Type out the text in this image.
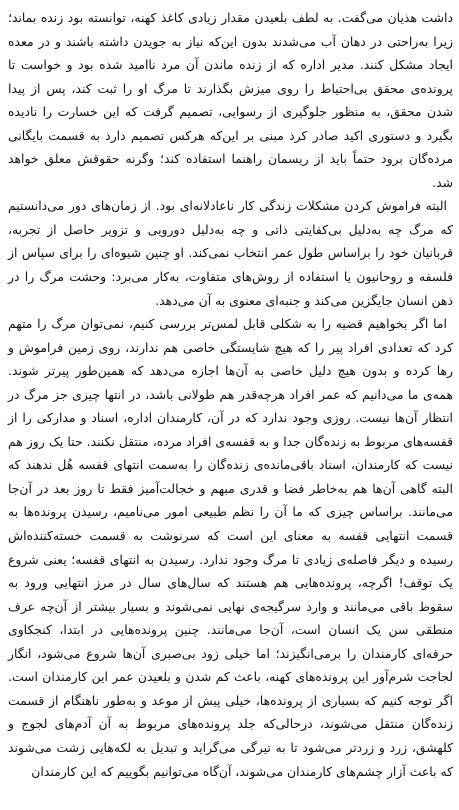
داشت هذیان می‌گفت. به لطف بلعیدن مقدار زیادی کاغذ کهنه، توانسته بود زنده بماند؛ زیرا به‌راحتی در دهان آب می‌شدند بدون این‌که نیاز به جویدن داشته باشند و در معده ایجاد مشکل کنند. مدیر اداره که از زنده ماندن آن مرد ناامید شده بود و خواست تا پرونده‌ی محقق بی‌احتیاط را روی میزش بگذارند تا مرگ او را ثبت کند، پس از پیدا شدن محقق، به منظور جلوگیری از رسوایی، تصمیم گرفت که این خسارت را نادیده بگیرد و دستوری اکید صادر کرد مبنی بر این‌که هرکس تصمیم دارد به قسمت بایگانی مرده‌گان برود حتماً باید از ریسمان راهنما استفاده کند؛ وگرنه حقوقش معلق خواهد شد.

البته فراموش کردن مشکلات زندگی کار ناعادلانه‌ای بود. از زمان‌های دور می‌دانستیم که مرگ چه به‌دلیل بی‌کفایتی ذاتی و چه به‌دلیل دورویی و تزویر حاصل از تجربه، قربانیان خود را براساس طول عمر انتخاب نمی‌کند. او چنین شیوه‌ای را برای سپاس از فلسفه و روحانیون یا استفاده از روش‌های متفاوت، به‌کار می‌برد: وحشت مرگ را در ذهن انسان جایگزین می‌کند و جنبه‌ای معنوی به آن می‌دهد.

اما اگر بخواهیم قضیه را به شکلی قابل لمس‌تر بررسی کنیم، نمی‌توان مرگ را متهم کرد که تعدادی افراد پیر را که هیچ شایستگی خاصی هم ندارند، روی زمین فراموش و رها کرده و بدون هیچ دلیل خاصی به آن‌ها اجازه می‌دهد که همین‌طور پیرتر شوند. همه‌ی ما می‌دانیم که عمر افراد هرچه‌قدر هم طولانی باشد، در انتها چیزی جز مرگ در انتظار آن‌ها نیست. روزی وجود ندارد که در آن، کارمندان اداره، اسناد و مدارکی را از قفسه‌های مربوط به زنده‌گان جدا و به قفسه‌ی افراد مرده، منتقل نکنند. حتا یک روز هم نیست که کارمندان، اسناد باقی‌مانده‌ی زنده‌گان را به‌سمت انتهای قفسه هُل ندهند که البته گاهی آن‌ها هم به‌خاطر فضا و قدری مبهم و خجالت‌آمیز فقط تا روز بعد در آن‌جا می‌مانند. براساس چیزی که ما آن را نظم طبیعی امور می‌نامیم، رسیدن پرونده‌ها به قسمت انتهایی قفسه به معنای این است که سرنوشت به قسمت خسته‌کننده‌اش رسیده و دیگر فاصله‌ی زیادی تا مرگ وجود ندارد. رسیدن به انتهای قفسه؛ یعنی شروع یک توقف! اگرچه، پرونده‌هایی هم هستند که سال‌های سال در مرز انتهایی ورود به سقوط باقی می‌مانند و وارد سرگیجه‌ی نهایی نمی‌شوند و بسیار بیشتر از آن‌چه عرف منطقی سن یک انسان است، آن‌جا می‌مانند. چنین پرونده‌هایی در ابتدا، کنجکاوی حرفه‌ای کارمندان را برمی‌انگیزند؛ اما خیلی زود بی‌صبری آن‌ها شروع می‌شود، انگار لجاجت شرم‌آور این پرونده‌های کهنه، باعث کم شدن و بلعیدن عمر این کارمندان است. اگر توجه کنیم که بسیاری از پرونده‌ها، خیلی پیش از موعد و به‌طور ناهنگام از قسمت زنده‌گان منتقل می‌شوند، درحالی‌که جلد پرونده‌های مربوط به آن آدم‌های لجوج و کلهشق، زرد و زردتر می‌شود تا به تیرگی می‌گراید و تبدیل به لکه‌هایی زشت می‌شوند که باعث آزار چشم‌های کارمندان می‌شوند، آن‌گاه می‌توانیم بگوییم که این کارمندان
